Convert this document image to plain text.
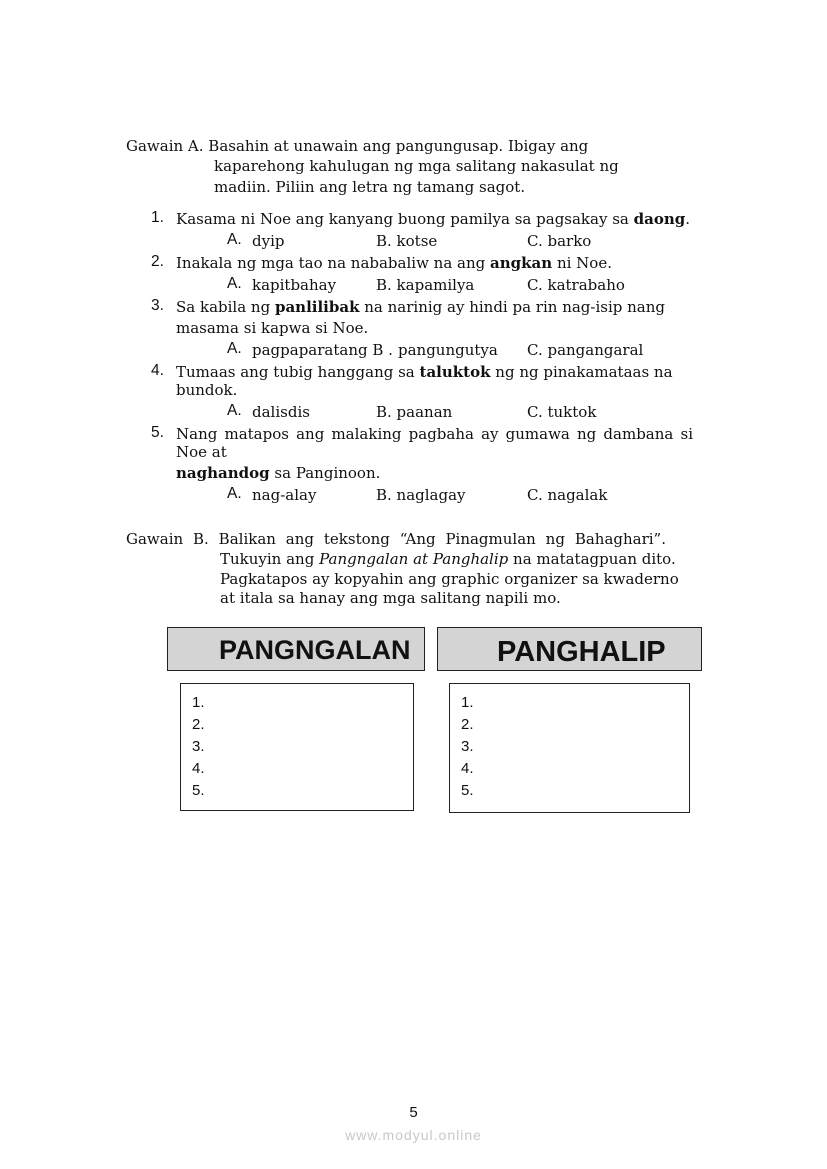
Gawain A. Basahin at unawain ang pangungusap. Ibigay ang
kaparehong kahulugan ng mga salitang nakasulat ng
madiin. Piliin ang letra ng tamang sagot.
1. Kasama ni Noe ang kanyang buong pamilya sa pagsakay sa daong.
A. dyip	B. kotse	C. barko
2. Inakala ng mga tao na nababaliw na ang angkan ni Noe.
A. kapitbahay	B. kapamilya	C. katrabaho
3. Sa kabila ng panlilibak na narinig ay hindi pa rin nag-isip nang
masama si kapwa si Noe.
A. pagpaparatang B . pangungutya C. pangangaral
4. Tumaas ang tubig hanggang sa taluktok ng ng pinakamataas na
bundok.
A. dalisdis	B. paanan	C. tuktok
5. Nang matapos ang malaking pagbaha ay gumawa ng dambana si
Noe at
naghandog sa Panginoon.
A. nag-alay	B. naglagay	C. nagalak
Gawain B. Balikan ang tekstong “Ang Pinagmulan ng Bahaghari”.
Tukuyin ang Pangngalan at Panghalip na matatagpuan dito.
Pagkatapos ay kopyahin ang graphic organizer sa kwaderno
at itala sa hanay ang mga salitang napili mo.
PANGNGALAN	PANGHALIP
1.
2.
3.
4.
5.
1.
2.
3.
4.
5.
5
www.modyul.online
